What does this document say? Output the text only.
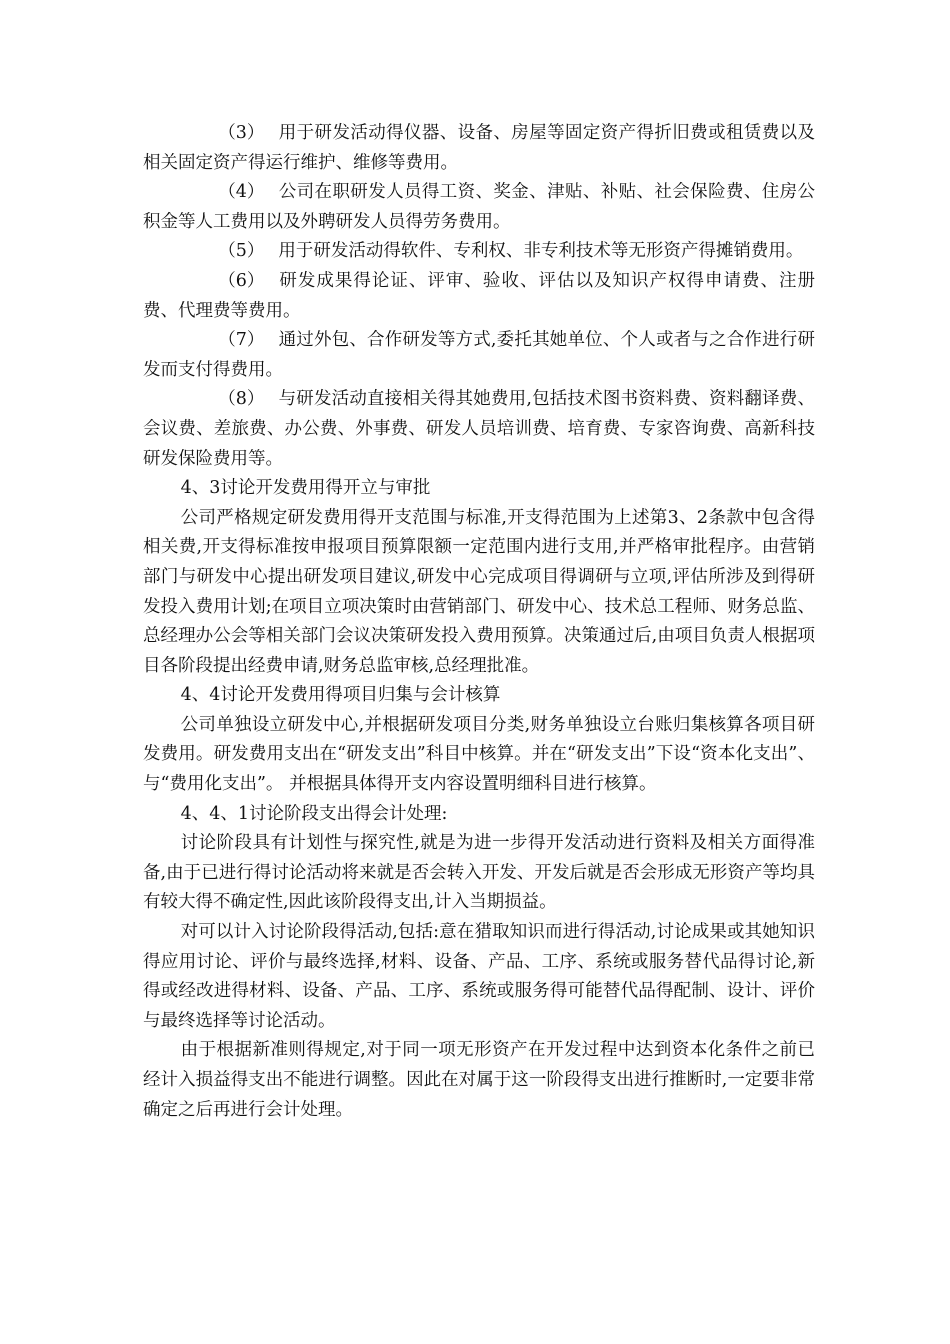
（3） 用于研发活动得仪器、设备、房屋等固定资产得折旧费或租赁费以及相关固定资产得运行维护、维修等费用。

（4） 公司在职研发人员得工资、奖金、津贴、补贴、社会保险费、住房公积金等人工费用以及外聘研发人员得劳务费用。

（5） 用于研发活动得软件、专利权、非专利技术等无形资产得摊销费用。

（6） 研发成果得论证、评审、验收、评估以及知识产权得申请费、注册费、代理费等费用。

（7） 通过外包、合作研发等方式,委托其她单位、个人或者与之合作进行研发而支付得费用。

（8） 与研发活动直接相关得其她费用,包括技术图书资料费、资料翻译费、会议费、差旅费、办公费、外事费、研发人员培训费、培育费、专家咨询费、高新科技研发保险费用等。

4、3讨论开发费用得开立与审批

公司严格规定研发费用得开支范围与标准,开支得范围为上述第3、2条款中包含得相关费,开支得标准按申报项目预算限额一定范围内进行支用,并严格审批程序。由营销部门与研发中心提出研发项目建议,研发中心完成项目得调研与立项,评估所涉及到得研发投入费用计划;在项目立项决策时由营销部门、研发中心、技术总工程师、财务总监、总经理办公会等相关部门会议决策研发投入费用预算。决策通过后,由项目负责人根据项目各阶段提出经费申请,财务总监审核,总经理批准。

4、4讨论开发费用得项目归集与会计核算

公司单独设立研发中心,并根据研发项目分类,财务单独设立台账归集核算各项目研发费用。研发费用支出在“研发支出”科目中核算。并在“研发支出”下设“资本化支出”、与“费用化支出”。 并根据具体得开支内容设置明细科目进行核算。

4、4、1讨论阶段支出得会计处理:

讨论阶段具有计划性与探究性,就是为进一步得开发活动进行资料及相关方面得准备,由于已进行得讨论活动将来就是否会转入开发、开发后就是否会形成无形资产等均具有较大得不确定性,因此该阶段得支出,计入当期损益。

对可以计入讨论阶段得活动,包括:意在猎取知识而进行得活动,讨论成果或其她知识得应用讨论、评价与最终选择,材料、设备、产品、工序、系统或服务替代品得讨论,新得或经改进得材料、设备、产品、工序、系统或服务得可能替代品得配制、设计、评价与最终选择等讨论活动。

由于根据新准则得规定,对于同一项无形资产在开发过程中达到资本化条件之前已经计入损益得支出不能进行调整。因此在对属于这一阶段得支出进行推断时,一定要非常确定之后再进行会计处理。
